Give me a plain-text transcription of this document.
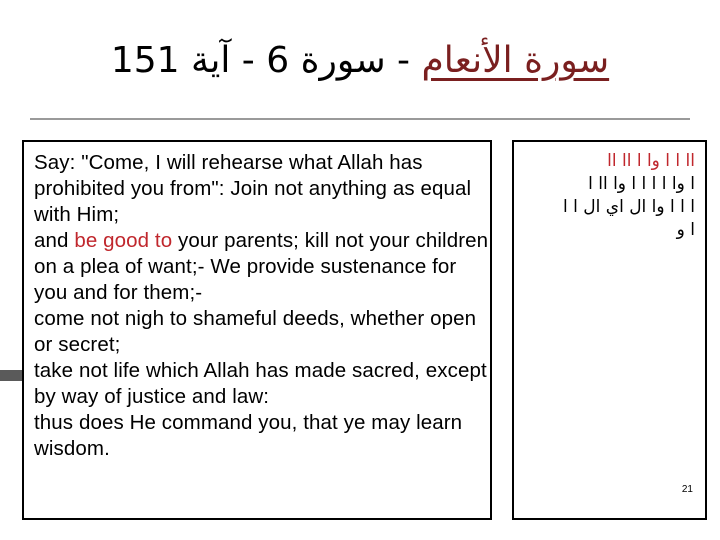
سورة الأنعام - سورة 6 - آية 151

Say: "Come, I will rehearse what Allah has prohibited you from": Join not anything as equal with Him;

and be good to your parents; kill not your children on a plea of want;- We provide sustenance for you and for them;-

come not nigh to shameful deeds, whether open or secret;

take not life which Allah has made sacred, except by way of justice and law:

thus does He command you, that ye may learn wisdom.

اا ا ا وا ا اا اا
ا وا ا ا ا ا وا اا ا
ا ا ا وا ال اي ال ا ا
ا و
21
